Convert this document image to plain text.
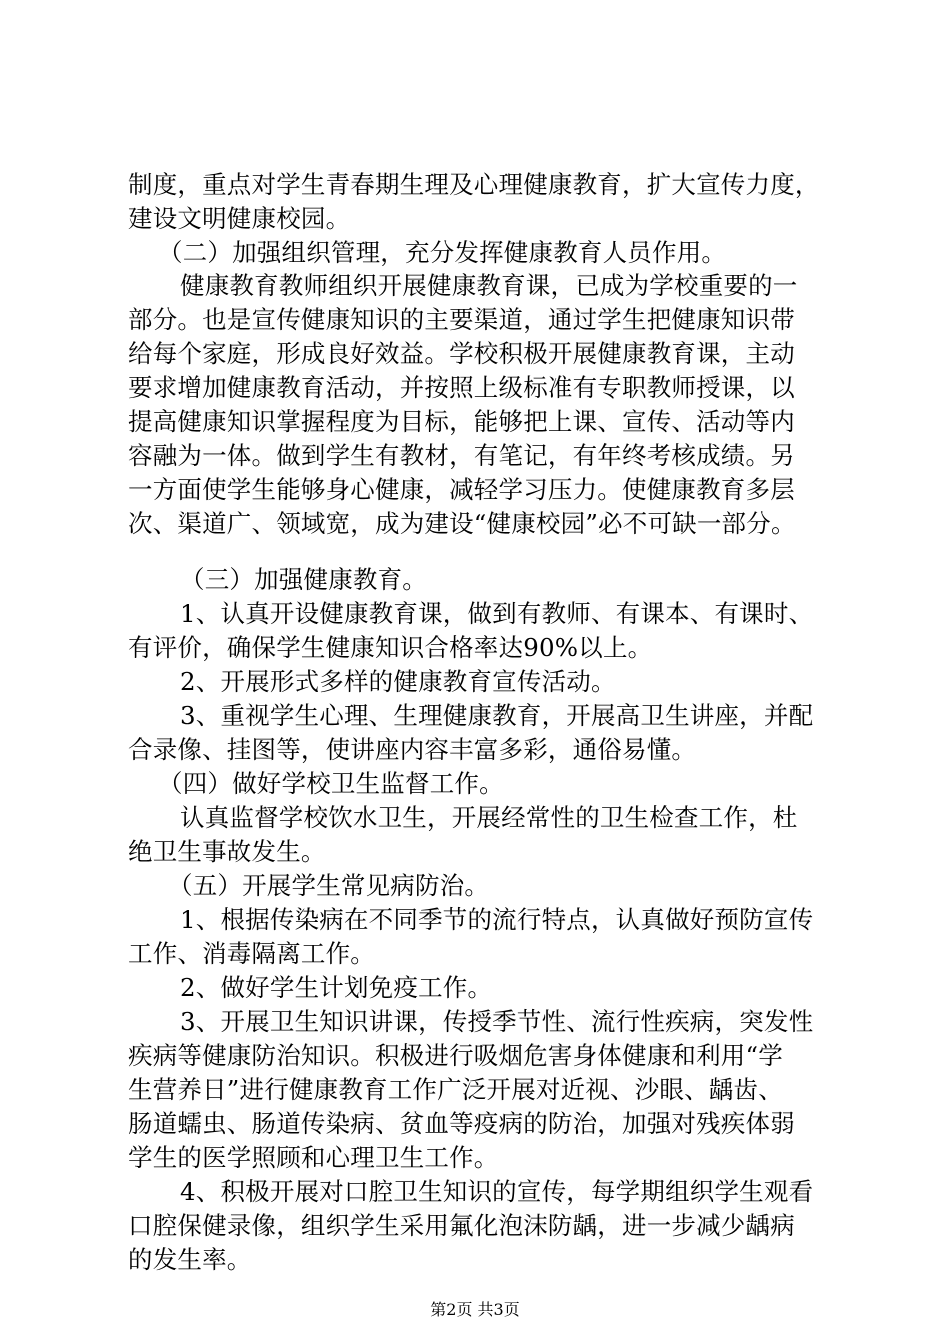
制度，重点对学生青春期生理及心理健康教育，扩大宣传力度，
建设文明健康校园。
（二）加强组织管理，充分发挥健康教育人员作用。
健康教育教师组织开展健康教育课，已成为学校重要的一
部分。也是宣传健康知识的主要渠道，通过学生把健康知识带
给每个家庭，形成良好效益。学校积极开展健康教育课，主动
要求增加健康教育活动，并按照上级标准有专职教师授课，以
提高健康知识掌握程度为目标，能够把上课、宣传、活动等内
容融为一体。做到学生有教材，有笔记，有年终考核成绩。另
一方面使学生能够身心健康，减轻学习压力。使健康教育多层
次、渠道广、领域宽，成为建设“健康校园”必不可缺一部分。
（三）加强健康教育。
1、认真开设健康教育课，做到有教师、有课本、有课时、
有评价，确保学生健康知识合格率达90%以上。
2、开展形式多样的健康教育宣传活动。
3、重视学生心理、生理健康教育，开展高卫生讲座，并配
合录像、挂图等，使讲座内容丰富多彩，通俗易懂。
（四）做好学校卫生监督工作。
认真监督学校饮水卫生，开展经常性的卫生检查工作，杜
绝卫生事故发生。
（五）开展学生常见病防治。
1、根据传染病在不同季节的流行特点，认真做好预防宣传
工作、消毒隔离工作。
2、做好学生计划免疫工作。
3、开展卫生知识讲课，传授季节性、流行性疾病，突发性
疾病等健康防治知识。积极进行吸烟危害身体健康和利用“学
生营养日”进行健康教育工作广泛开展对近视、沙眼、龋齿、
肠道蠕虫、肠道传染病、贫血等疫病的防治，加强对残疾体弱
学生的医学照顾和心理卫生工作。
4、积极开展对口腔卫生知识的宣传，每学期组织学生观看
口腔保健录像，组织学生采用氟化泡沫防龋，进一步减少龋病
的发生率。
第2页 共3页
